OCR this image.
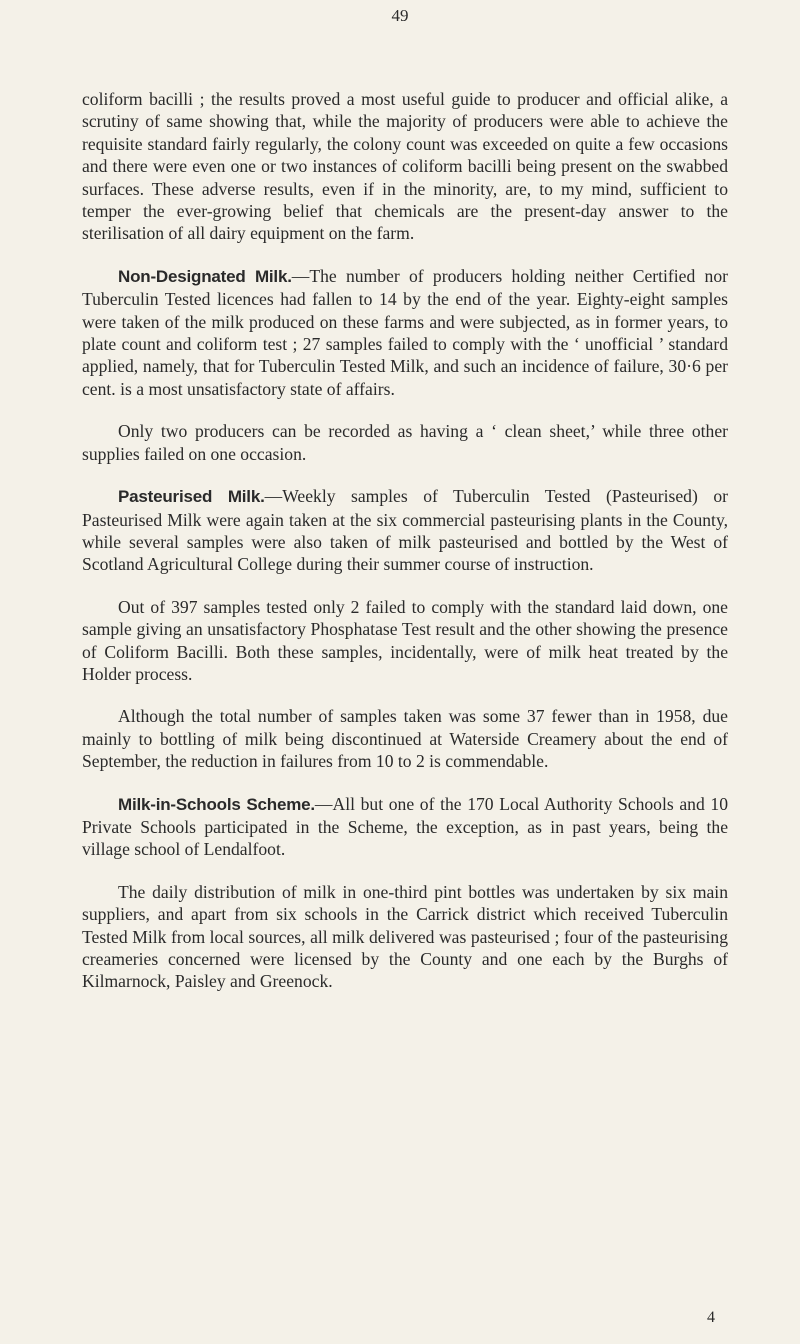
49

coliform bacilli ; the results proved a most useful guide to producer and official alike, a scrutiny of same showing that, while the majority of producers were able to achieve the requisite standard fairly regularly, the colony count was exceeded on quite a few occasions and there were even one or two instances of coliform bacilli being present on the swabbed surfaces. These adverse results, even if in the minority, are, to my mind, sufficient to temper the ever-growing belief that chemicals are the present-day answer to the sterilisation of all dairy equipment on the farm.

Non-Designated Milk.—The number of producers holding neither Certified nor Tuberculin Tested licences had fallen to 14 by the end of the year. Eighty-eight samples were taken of the milk produced on these farms and were subjected, as in former years, to plate count and coliform test ; 27 samples failed to comply with the ‘ unofficial ’ standard applied, namely, that for Tuberculin Tested Milk, and such an incidence of failure, 30·6 per cent. is a most unsatisfactory state of affairs.

Only two producers can be recorded as having a ‘ clean sheet,’ while three other supplies failed on one occasion.

Pasteurised Milk.—Weekly samples of Tuberculin Tested (Pasteurised) or Pasteurised Milk were again taken at the six commercial pasteurising plants in the County, while several samples were also taken of milk pasteurised and bottled by the West of Scotland Agricultural College during their summer course of instruction.

Out of 397 samples tested only 2 failed to comply with the standard laid down, one sample giving an unsatisfactory Phosphatase Test result and the other showing the presence of Coliform Bacilli. Both these samples, incidentally, were of milk heat treated by the Holder process.

Although the total number of samples taken was some 37 fewer than in 1958, due mainly to bottling of milk being discontinued at Waterside Creamery about the end of September, the reduction in failures from 10 to 2 is commendable.

Milk-in-Schools Scheme.—All but one of the 170 Local Authority Schools and 10 Private Schools participated in the Scheme, the exception, as in past years, being the village school of Lendalfoot.

The daily distribution of milk in one-third pint bottles was undertaken by six main suppliers, and apart from six schools in the Carrick district which received Tuberculin Tested Milk from local sources, all milk delivered was pasteurised ; four of the pasteurising creameries concerned were licensed by the County and one each by the Burghs of Kilmarnock, Paisley and Greenock.

4
